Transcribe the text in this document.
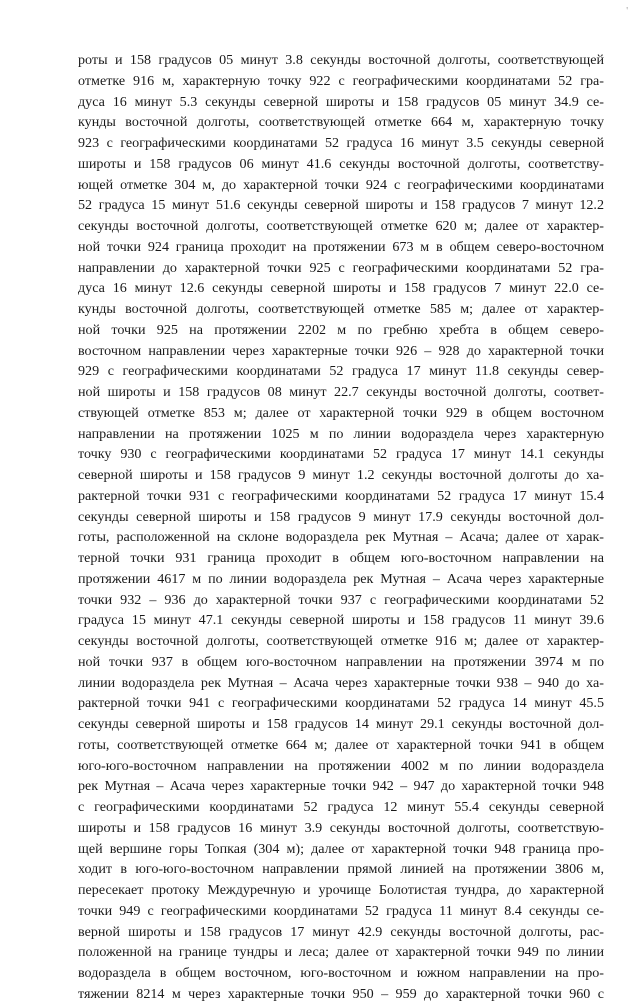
'
роты и 158 градусов 05 минут 3.8 секунды восточной долготы, соответствующей
отметке 916 м, характерную точку 922 с географическими координатами 52 гра-
дуса 16 минут 5.3 секунды северной широты и 158 градусов 05 минут 34.9 се-
кунды восточной долготы, соответствующей отметке 664 м, характерную точку
923 с географическими координатами 52 градуса 16 минут 3.5 секунды северной
широты и 158 градусов 06 минут 41.6 секунды восточной долготы, соответству-
ющей отметке 304 м, до характерной точки 924 с географическими координатами
52 градуса 15 минут 51.6 секунды северной широты и 158 градусов 7 минут 12.2
секунды восточной долготы, соответствующей отметке 620 м; далее от характер-
ной точки 924 граница проходит на протяжении 673 м в общем северо-восточном
направлении до характерной точки 925 с географическими координатами 52 гра-
дуса 16 минут 12.6 секунды северной широты и 158 градусов 7 минут 22.0 се-
кунды восточной долготы, соответствующей отметке 585 м; далее от характер-
ной точки 925 на протяжении 2202 м по гребню хребта в общем северо-
восточном направлении через характерные точки 926 – 928 до характерной точки
929 с географическими координатами 52 градуса 17 минут 11.8 секунды север-
ной широты и 158 градусов 08 минут 22.7 секунды восточной долготы, соответ-
ствующей отметке 853 м; далее от характерной точки 929 в общем восточном
направлении на протяжении 1025 м по линии водораздела через характерную
точку 930 с географическими координатами 52 градуса 17 минут 14.1 секунды
северной широты и 158 градусов 9 минут 1.2 секунды восточной долготы до ха-
рактерной точки 931 с географическими координатами 52 градуса 17 минут 15.4
секунды северной широты и 158 градусов 9 минут 17.9 секунды восточной дол-
готы, расположенной на склоне водораздела рек Мутная – Асача; далее от харак-
терной точки 931 граница проходит в общем юго-восточном направлении на
протяжении 4617 м по линии водораздела рек Мутная – Асача через характерные
точки 932 – 936 до характерной точки 937 с географическими координатами 52
градуса 15 минут 47.1 секунды северной широты и 158 градусов 11 минут 39.6
секунды восточной долготы, соответствующей отметке 916 м; далее от характер-
ной точки 937 в общем юго-восточном направлении на протяжении 3974 м по
линии водораздела рек Мутная – Асача через характерные точки 938 – 940 до ха-
рактерной точки 941 с географическими координатами 52 градуса 14 минут 45.5
секунды северной широты и 158 градусов 14 минут 29.1 секунды восточной дол-
готы, соответствующей отметке 664 м; далее от характерной точки 941 в общем
юго-юго-восточном направлении на протяжении 4002 м по линии водораздела
рек Мутная – Асача через характерные точки 942 – 947 до характерной точки 948
с географическими координатами 52 градуса 12 минут 55.4 секунды северной
широты и 158 градусов 16 минут 3.9 секунды восточной долготы, соответствую-
щей вершине горы Топкая (304 м); далее от характерной точки 948 граница про-
ходит в юго-юго-восточном направлении прямой линией на протяжении 3806 м,
пересекает протоку Междуречную и урочище Болотистая тундра, до характерной
точки 949 с географическими координатами 52 градуса 11 минут 8.4 секунды се-
верной широты и 158 градусов 17 минут 42.9 секунды восточной долготы, рас-
положенной на границе тундры и леса; далее от характерной точки 949 по линии
водораздела в общем восточном, юго-восточном и южном направлении на про-
тяжении 8214 м через характерные точки 950 – 959 до характерной точки 960 с
